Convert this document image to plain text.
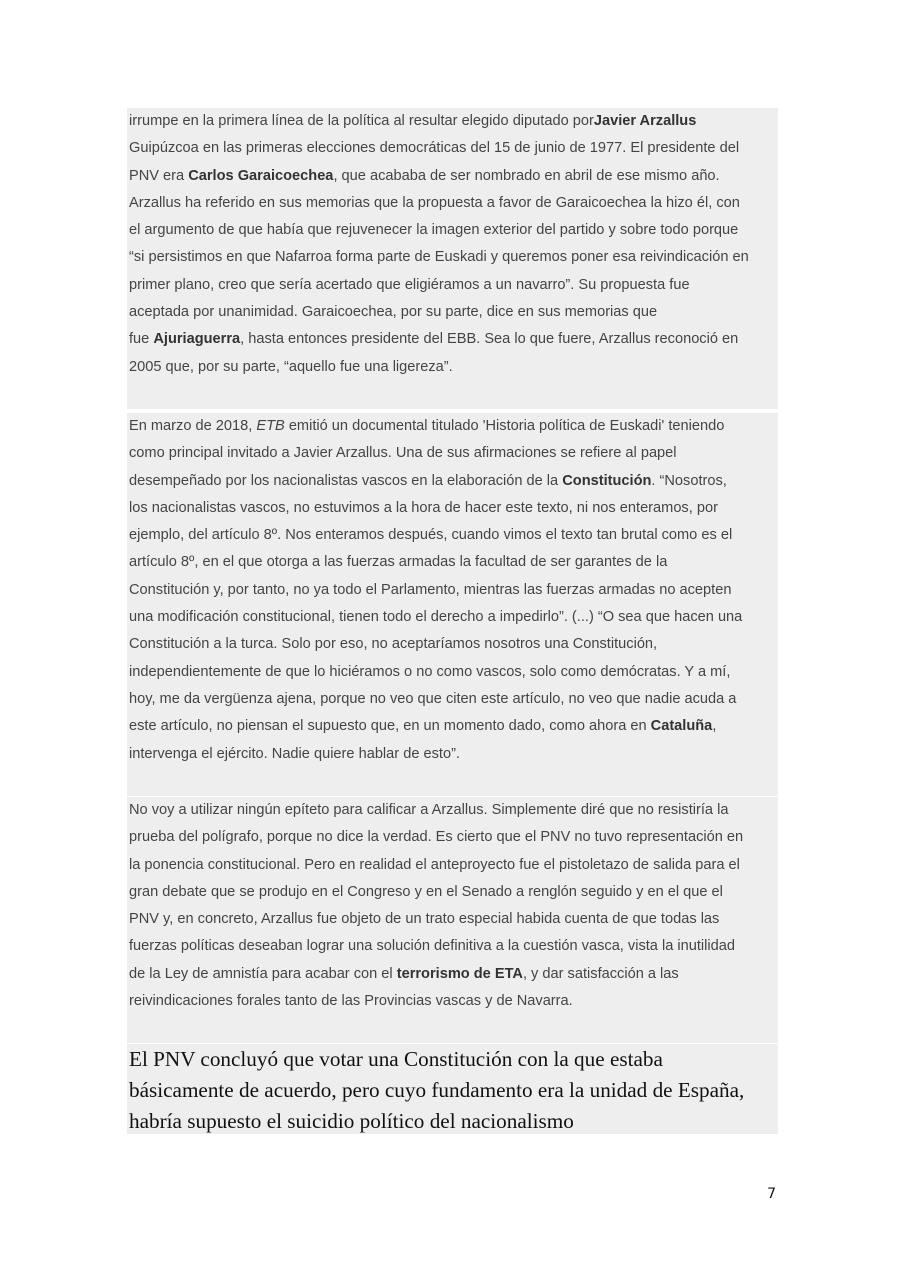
irrumpe en la primera línea de la política al resultar elegido diputado porJavier Arzallus
Guipúzcoa en las primeras elecciones democráticas del 15 de junio de 1977. El presidente del
PNV era Carlos Garaicoechea, que acababa de ser nombrado en abril de ese mismo año.
Arzallus ha referido en sus memorias que la propuesta a favor de Garaicoechea la hizo él, con
el argumento de que había que rejuvenecer la imagen exterior del partido y sobre todo porque
“si persistimos en que Nafarroa forma parte de Euskadi y queremos poner esa reivindicación en
primer plano, creo que sería acertado que eligiéramos a un navarro”. Su propuesta fue
aceptada por unanimidad. Garaicoechea, por su parte, dice en sus memorias que
fue Ajuriaguerra, hasta entonces presidente del EBB. Sea lo que fuere, Arzallus reconoció en
2005 que, por su parte, “aquello fue una ligereza”.
En marzo de 2018, ETB emitió un documental titulado 'Historia política de Euskadi' teniendo
como principal invitado a Javier Arzallus. Una de sus afirmaciones se refiere al papel
desempeñado por los nacionalistas vascos en la elaboración de la Constitución. “Nosotros,
los nacionalistas vascos, no estuvimos a la hora de hacer este texto, ni nos enteramos, por
ejemplo, del artículo 8º. Nos enteramos después, cuando vimos el texto tan brutal como es el
artículo 8º, en el que otorga a las fuerzas armadas la facultad de ser garantes de la
Constitución y, por tanto, no ya todo el Parlamento, mientras las fuerzas armadas no acepten
una modificación constitucional, tienen todo el derecho a impedirlo”. (...) “O sea que hacen una
Constitución a la turca. Solo por eso, no aceptaríamos nosotros una Constitución,
independientemente de que lo hiciéramos o no como vascos, solo como demócratas. Y a mí,
hoy, me da vergüenza ajena, porque no veo que citen este artículo, no veo que nadie acuda a
este artículo, no piensan el supuesto que, en un momento dado, como ahora en Cataluña,
intervenga el ejército. Nadie quiere hablar de esto”.
No voy a utilizar ningún epíteto para calificar a Arzallus. Simplemente diré que no resistiría la
prueba del polígrafo, porque no dice la verdad. Es cierto que el PNV no tuvo representación en
la ponencia constitucional. Pero en realidad el anteproyecto fue el pistoletazo de salida para el
gran debate que se produjo en el Congreso y en el Senado a renglón seguido y en el que el
PNV y, en concreto, Arzallus fue objeto de un trato especial habida cuenta de que todas las
fuerzas políticas deseaban lograr una solución definitiva a la cuestión vasca, vista la inutilidad
de la Ley de amnistía para acabar con el terrorismo de ETA, y dar satisfacción a las
reivindicaciones forales tanto de las Provincias vascas y de Navarra.
El PNV concluyó que votar una Constitución con la que estaba
básicamente de acuerdo, pero cuyo fundamento era la unidad de España,
habría supuesto el suicidio político del nacionalismo
7
